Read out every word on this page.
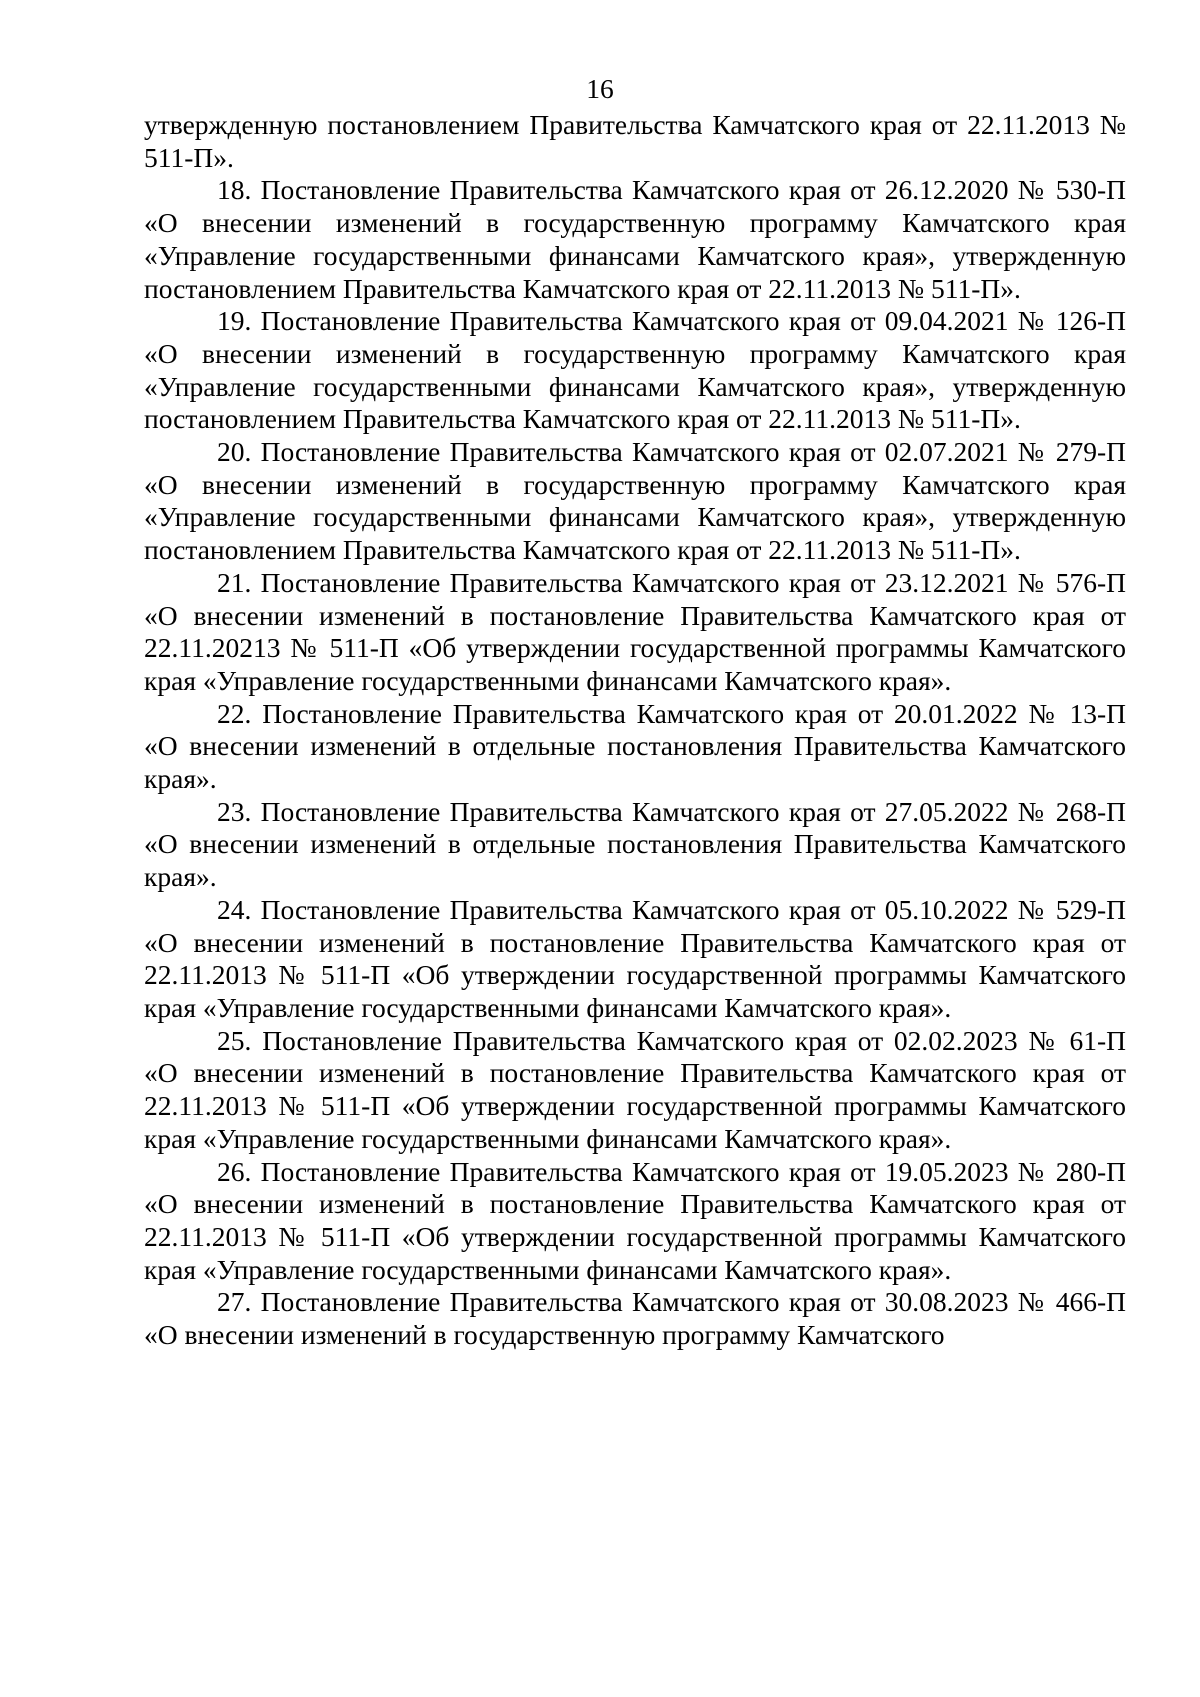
16

утвержденную постановлением Правительства Камчатского края от 22.11.2013 № 511-П».

18. Постановление Правительства Камчатского края от 26.12.2020 № 530-П «О внесении изменений в государственную программу Камчатского края «Управление государственными финансами Камчатского края», утвержденную постановлением Правительства Камчатского края от 22.11.2013 № 511-П».

19. Постановление Правительства Камчатского края от 09.04.2021 № 126-П «О внесении изменений в государственную программу Камчатского края «Управление государственными финансами Камчатского края», утвержденную постановлением Правительства Камчатского края от 22.11.2013 № 511-П».

20. Постановление Правительства Камчатского края от 02.07.2021 № 279-П «О внесении изменений в государственную программу Камчатского края «Управление государственными финансами Камчатского края», утвержденную постановлением Правительства Камчатского края от 22.11.2013 № 511-П».

21. Постановление Правительства Камчатского края от 23.12.2021 № 576-П «О внесении изменений в постановление Правительства Камчатского края от 22.11.20213 № 511-П «Об утверждении государственной программы Камчатского края «Управление государственными финансами Камчатского края».

22. Постановление Правительства Камчатского края от 20.01.2022 № 13-П «О внесении изменений в отдельные постановления Правительства Камчатского края».

23. Постановление Правительства Камчатского края от 27.05.2022 № 268-П «О внесении изменений в отдельные постановления Правительства Камчатского края».

24. Постановление Правительства Камчатского края от 05.10.2022 № 529-П «О внесении изменений в постановление Правительства Камчатского края от 22.11.2013 № 511-П «Об утверждении государственной программы Камчатского края «Управление государственными финансами Камчатского края».

25. Постановление Правительства Камчатского края от 02.02.2023 № 61-П «О внесении изменений в постановление Правительства Камчатского края от 22.11.2013 № 511-П «Об утверждении государственной программы Камчатского края «Управление государственными финансами Камчатского края».

26. Постановление Правительства Камчатского края от 19.05.2023 № 280-П «О внесении изменений в постановление Правительства Камчатского края от 22.11.2013 № 511-П «Об утверждении государственной программы Камчатского края «Управление государственными финансами Камчатского края».

27. Постановление Правительства Камчатского края от 30.08.2023 № 466-П «О внесении изменений в государственную программу Камчатского
